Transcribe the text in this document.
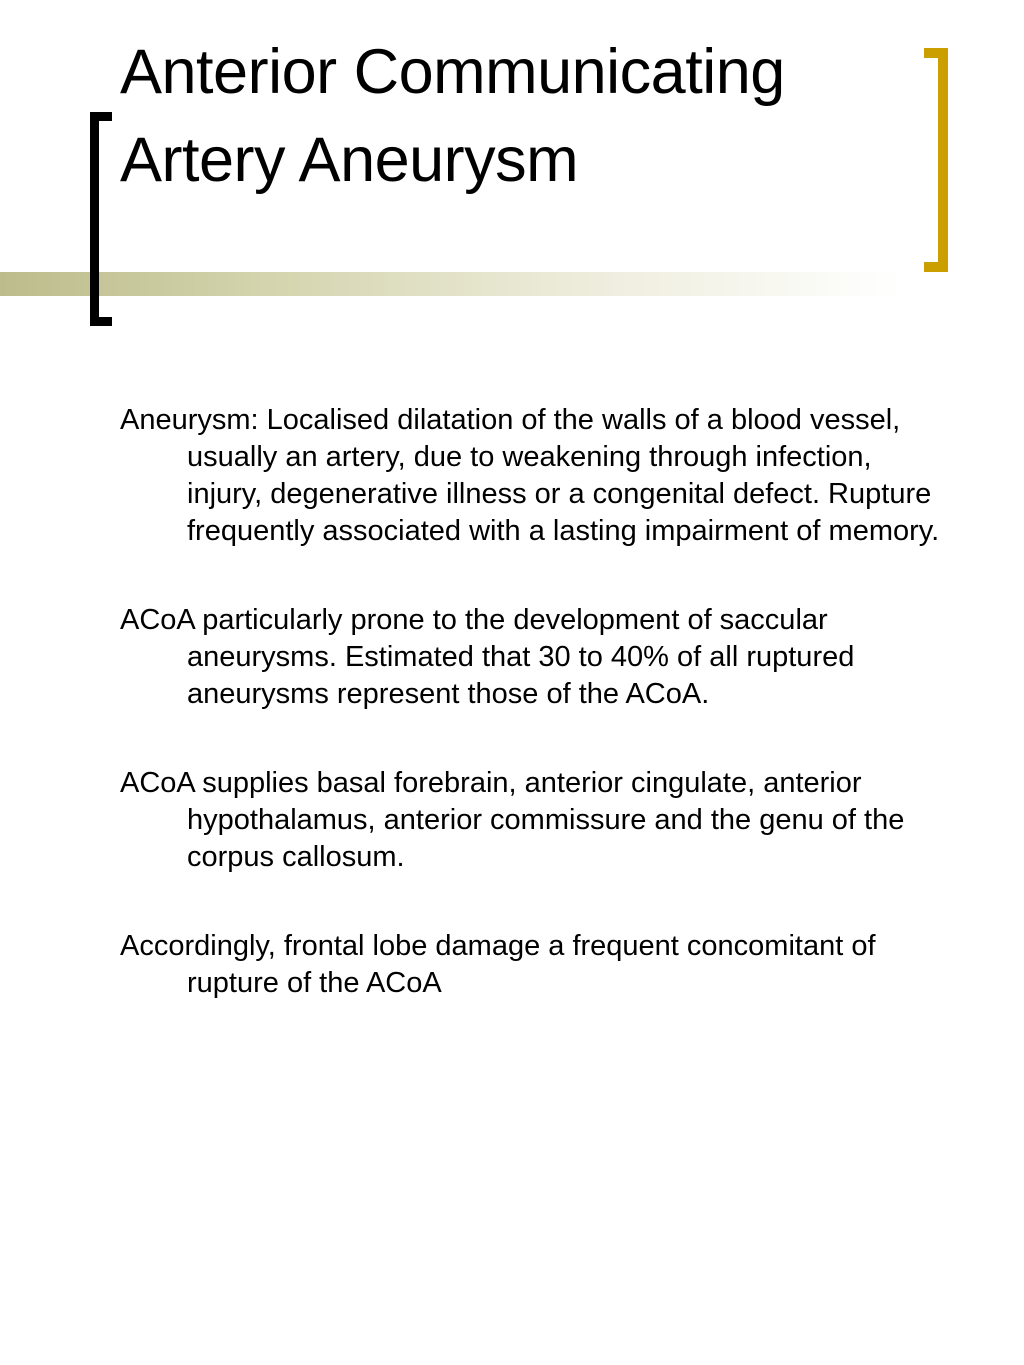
Anterior Communicating Artery Aneurysm
Aneurysm: Localised dilatation of the walls of a blood vessel, usually an artery, due to weakening through infection, injury, degenerative illness or a congenital defect. Rupture frequently associated with a lasting impairment of memory.
ACoA particularly prone to the development of saccular aneurysms. Estimated that 30 to 40% of all ruptured aneurysms represent those of the ACoA.
ACoA supplies basal forebrain, anterior cingulate, anterior hypothalamus, anterior commissure and the genu of the corpus callosum.
Accordingly, frontal lobe damage a frequent concomitant of rupture of the ACoA
